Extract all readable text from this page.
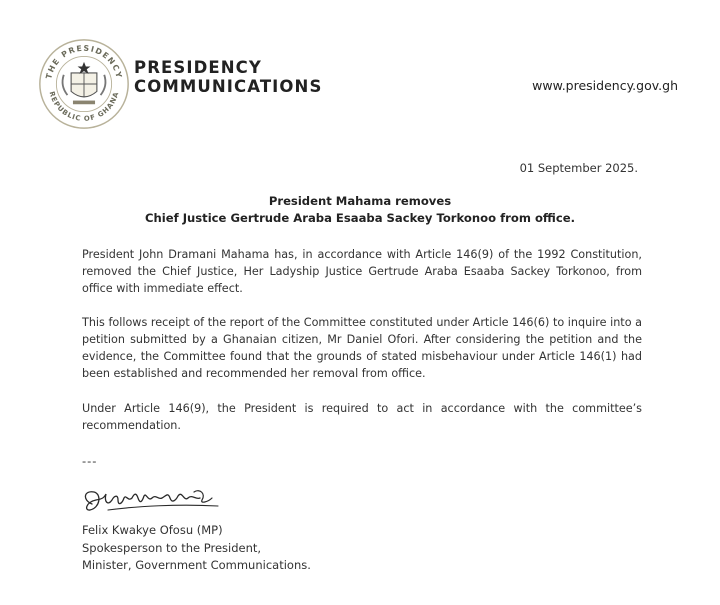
THE PRESIDENCY
REPUBLIC OF GHANA
PRESIDENCY
COMMUNICATIONS	www.presidency.gov.gh
01 September 2025.
President Mahama removes
Chief Justice Gertrude Araba Esaaba Sackey Torkonoo from office.

President John Dramani Mahama has, in accordance with Article 146(9) of the 1992 Constitution, removed the Chief Justice, Her Ladyship Justice Gertrude Araba Esaaba Sackey Torkonoo, from office with immediate effect.

This follows receipt of the report of the Committee constituted under Article 146(6) to inquire into a petition submitted by a Ghanaian citizen, Mr Daniel Ofori. After considering the petition and the evidence, the Committee found that the grounds of stated misbehaviour under Article 146(1) had been established and recommended her removal from office.

Under Article 146(9), the President is required to act in accordance with the committee’s recommendation.

---
Felix Kwakye Ofosu (MP)
Spokesperson to the President,
Minister, Government Communications.
